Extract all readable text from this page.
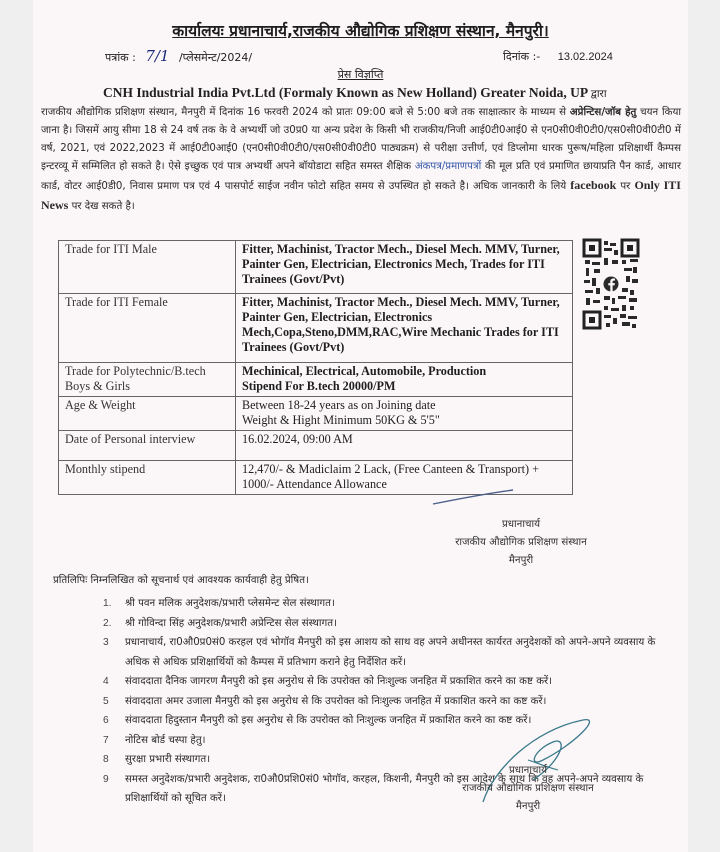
कार्यालयः प्रधानाचार्य,राजकीय औद्योगिक प्रशिक्षण संस्थान, मैनपुरी।
पत्रांक : 7/1 /प्लेसमेन्ट/2024/	दिनांक :- 13.02.2024
प्रेस विज्ञप्ति
CNH Industrial India Pvt.Ltd (Formaly Known as New Holland) Greater Noida, UP द्वारा
राजकीय औद्योगिक प्रशिक्षण संस्थान, मैनपुरी में दिनांक 16 फरवरी 2024 को प्रातः 09:00 बजे से 5:00 बजे तक साक्षात्कार के माध्यम से अप्रेन्टिस/जॉब हेतु चयन किया जाना है। जिसमें आयु सीमा 18 से 24 वर्ष तक के वे अभ्यर्थी जो उ0प्र0 या अन्य प्रदेश के किसी भी राजकीय/निजी आई0टी0आई0 से एन0सी0वी0टी0/एस0सी0वी0टी0 में वर्ष, 2021, एवं 2022,2023 में आई0टी0आई0 (एन0सी0वी0टी0/एस0सी0वी0टी0 पाठ्यक्रम) से परीक्षा उत्तीर्ण, एवं डिप्लोमा धारक पुरूष/महिला प्रशिक्षार्थी कैम्पस इन्टरव्यू में सम्मिलित हो सकते है। ऐसे इच्छुक एवं पात्र अभ्यर्थी अपने बॉयोडाटा सहित समस्त शैक्षिक अंकपत्र/प्रमाणपत्रों की मूल प्रति एवं प्रमाणित छायाप्रति पैन कार्ड, आधार कार्ड, वोटर आई0डी0, निवास प्रमाण पत्र एवं 4 पासपोर्ट साईज नवीन फोटो सहित समय से उपस्थित हो सकते है। अधिक जानकारी के लिये facebook पर Only ITI News पर देख सकते है।
Trade for ITI Male	Fitter, Machinist, Tractor Mech., Diesel Mech. MMV, Turner, Painter Gen, Electrician, Electronics Mech, Trades for ITI Trainees (Govt/Pvt)
Trade for ITI Female	Fitter, Machinist, Tractor Mech., Diesel Mech. MMV, Turner, Painter Gen, Electrician, Electronics Mech,Copa,Steno,DMM,RAC,Wire Mechanic Trades for ITI Trainees (Govt/Pvt)
Trade for Polytechnic/B.tech Boys & Girls	Mechinical, Electrical, Automobile, Production
Stipend For B.tech 20000/PM

Age & Weight	Between 18-24 years as on Joining date
Weight & Hight Minimum 50KG & 5'5"

Date of Personal interview	16.02.2024, 09:00 AM
Monthly stipend	12,470/- & Madiclaim 2 Lack, (Free Canteen & Transport) + 1000/- Attendance Allowance
प्रधानाचार्य
राजकीय औद्योगिक प्रशिक्षण संस्थान
मैनपुरी
प्रतिलिपिः निम्नलिखित को सूचनार्थ एवं आवश्यक कार्यवाही हेतु प्रेषित।
1. श्री पवन मलिक अनुदेशक/प्रभारी प्लेसमेन्ट सेल संस्थागत।
2. श्री गोविन्दा सिंह अनुदेशक/प्रभारी अप्रेन्टिस सेल संस्थागत।
3 प्रधानाचार्य, रा0औ0प्र0सं0 करहल एवं भोगॉव मैनपुरी को इस आशय को साथ वह अपने अधीनस्त कार्यरत अनुदेशकों को अपने-अपने व्यवसाय के अधिक से अधिक प्रशिक्षार्थियों को कैम्पस में प्रतिभाग कराने हेतु निर्देशित करें।
4 संवाददाता दैनिक जागरण मैनपुरी को इस अनुरोध से कि उपरोक्त को निःशुल्क जनहित में प्रकाशित करने का कष्ट करें।
5 संवाददाता अमर उजाला मैनपुरी को इस अनुरोध से कि उपरोक्त को निःशुल्क जनहित में प्रकाशित करने का कष्ट करें।
6 संवाददाता हिदुस्तान मैनपुरी को इस अनुरोध से कि उपरोक्त को निःशुल्क जनहित में प्रकाशित करने का कष्ट करें।
7 नोटिस बोर्ड चस्पा हेतु।
8 सुरक्षा प्रभारी संस्थागत।
9 समस्त अनुदेशक/प्रभारी अनुदेशक, रा0औ0प्रशि0सं0 भोगॉव, करहल, किशनी, मैनपुरी को इस आदेश के साथ कि वह अपने-अपने व्यवसाय के प्रशिक्षार्थियों को सूचित करें।
प्रधानाचार्य
राजकीय औद्योगिक प्रशिक्षण संस्थान
मैनपुरी
